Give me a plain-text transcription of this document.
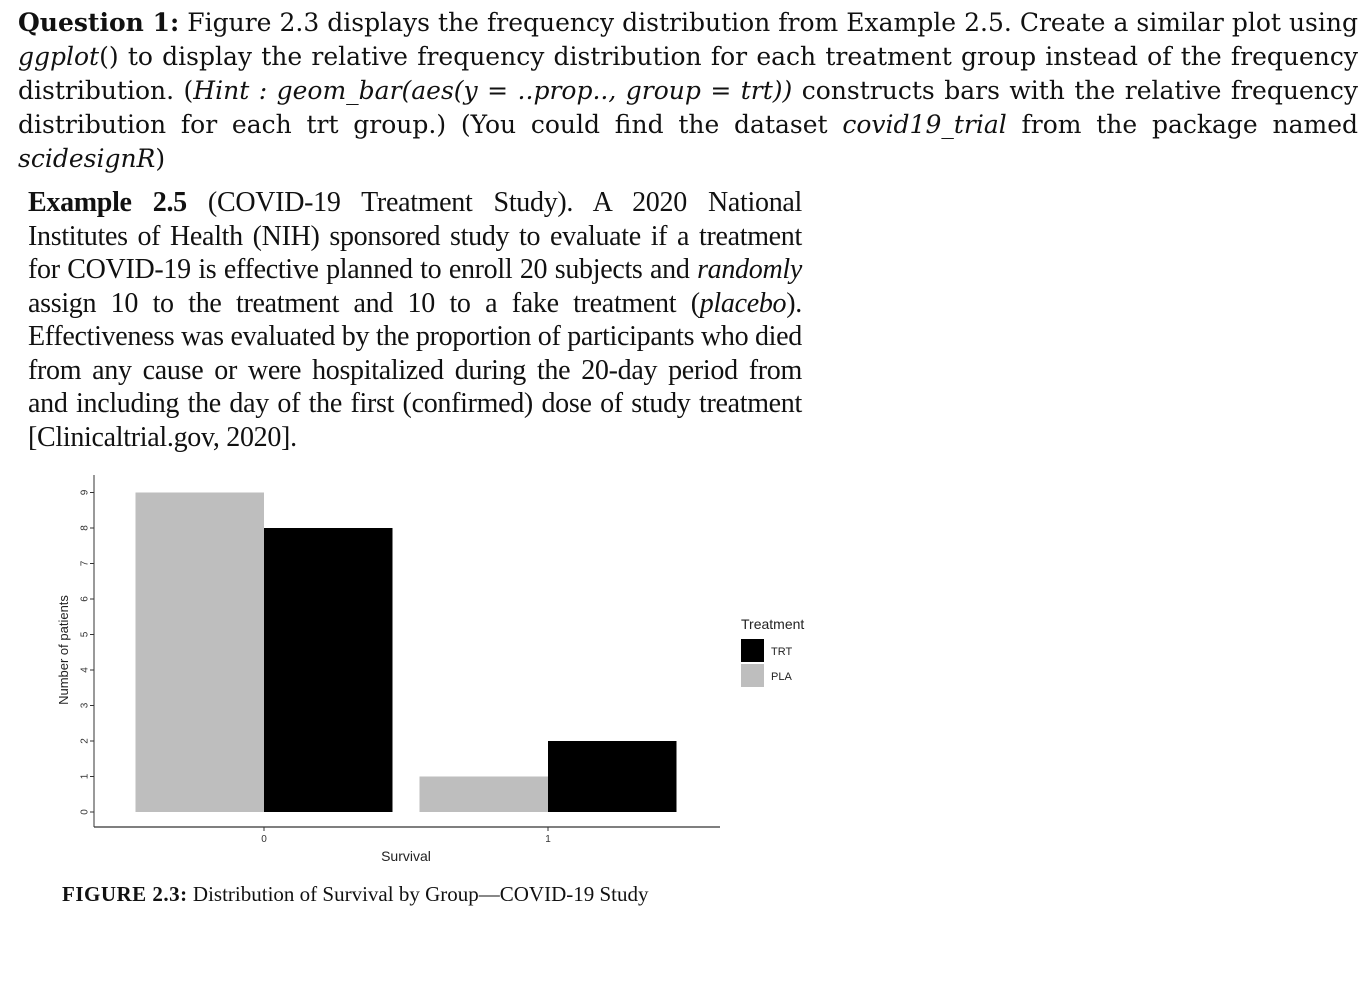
Question 1: Figure 2.3 displays the frequency distribution from Example 2.5. Create a similar plot using ggplot() to display the relative frequency distribution for each treatment group instead of the frequency distribution. (Hint : geom_bar(aes(y = ..prop.., group = trt)) constructs bars with the relative frequency distribution for each trt group.) (You could find the dataset covid19_trial from the package named scidesignR)
Example 2.5 (COVID-19 Treatment Study). A 2020 National Institutes of Health (NIH) sponsored study to evaluate if a treatment for COVID-19 is effective planned to enroll 20 subjects and randomly assign 10 to the treatment and 10 to a fake treatment (placebo). Effectiveness was evaluated by the proportion of participants who died from any cause or were hospitalized during the 20-day period from and including the day of the first (confirmed) dose of study treatment [Clinicaltrial.gov, 2020].
0
1
2
3
4
5
6
7
8
9
0	1
Number of patients
Survival
Treatment
TRT
PLA
FIGURE 2.3: Distribution of Survival by Group—COVID-19 Study
